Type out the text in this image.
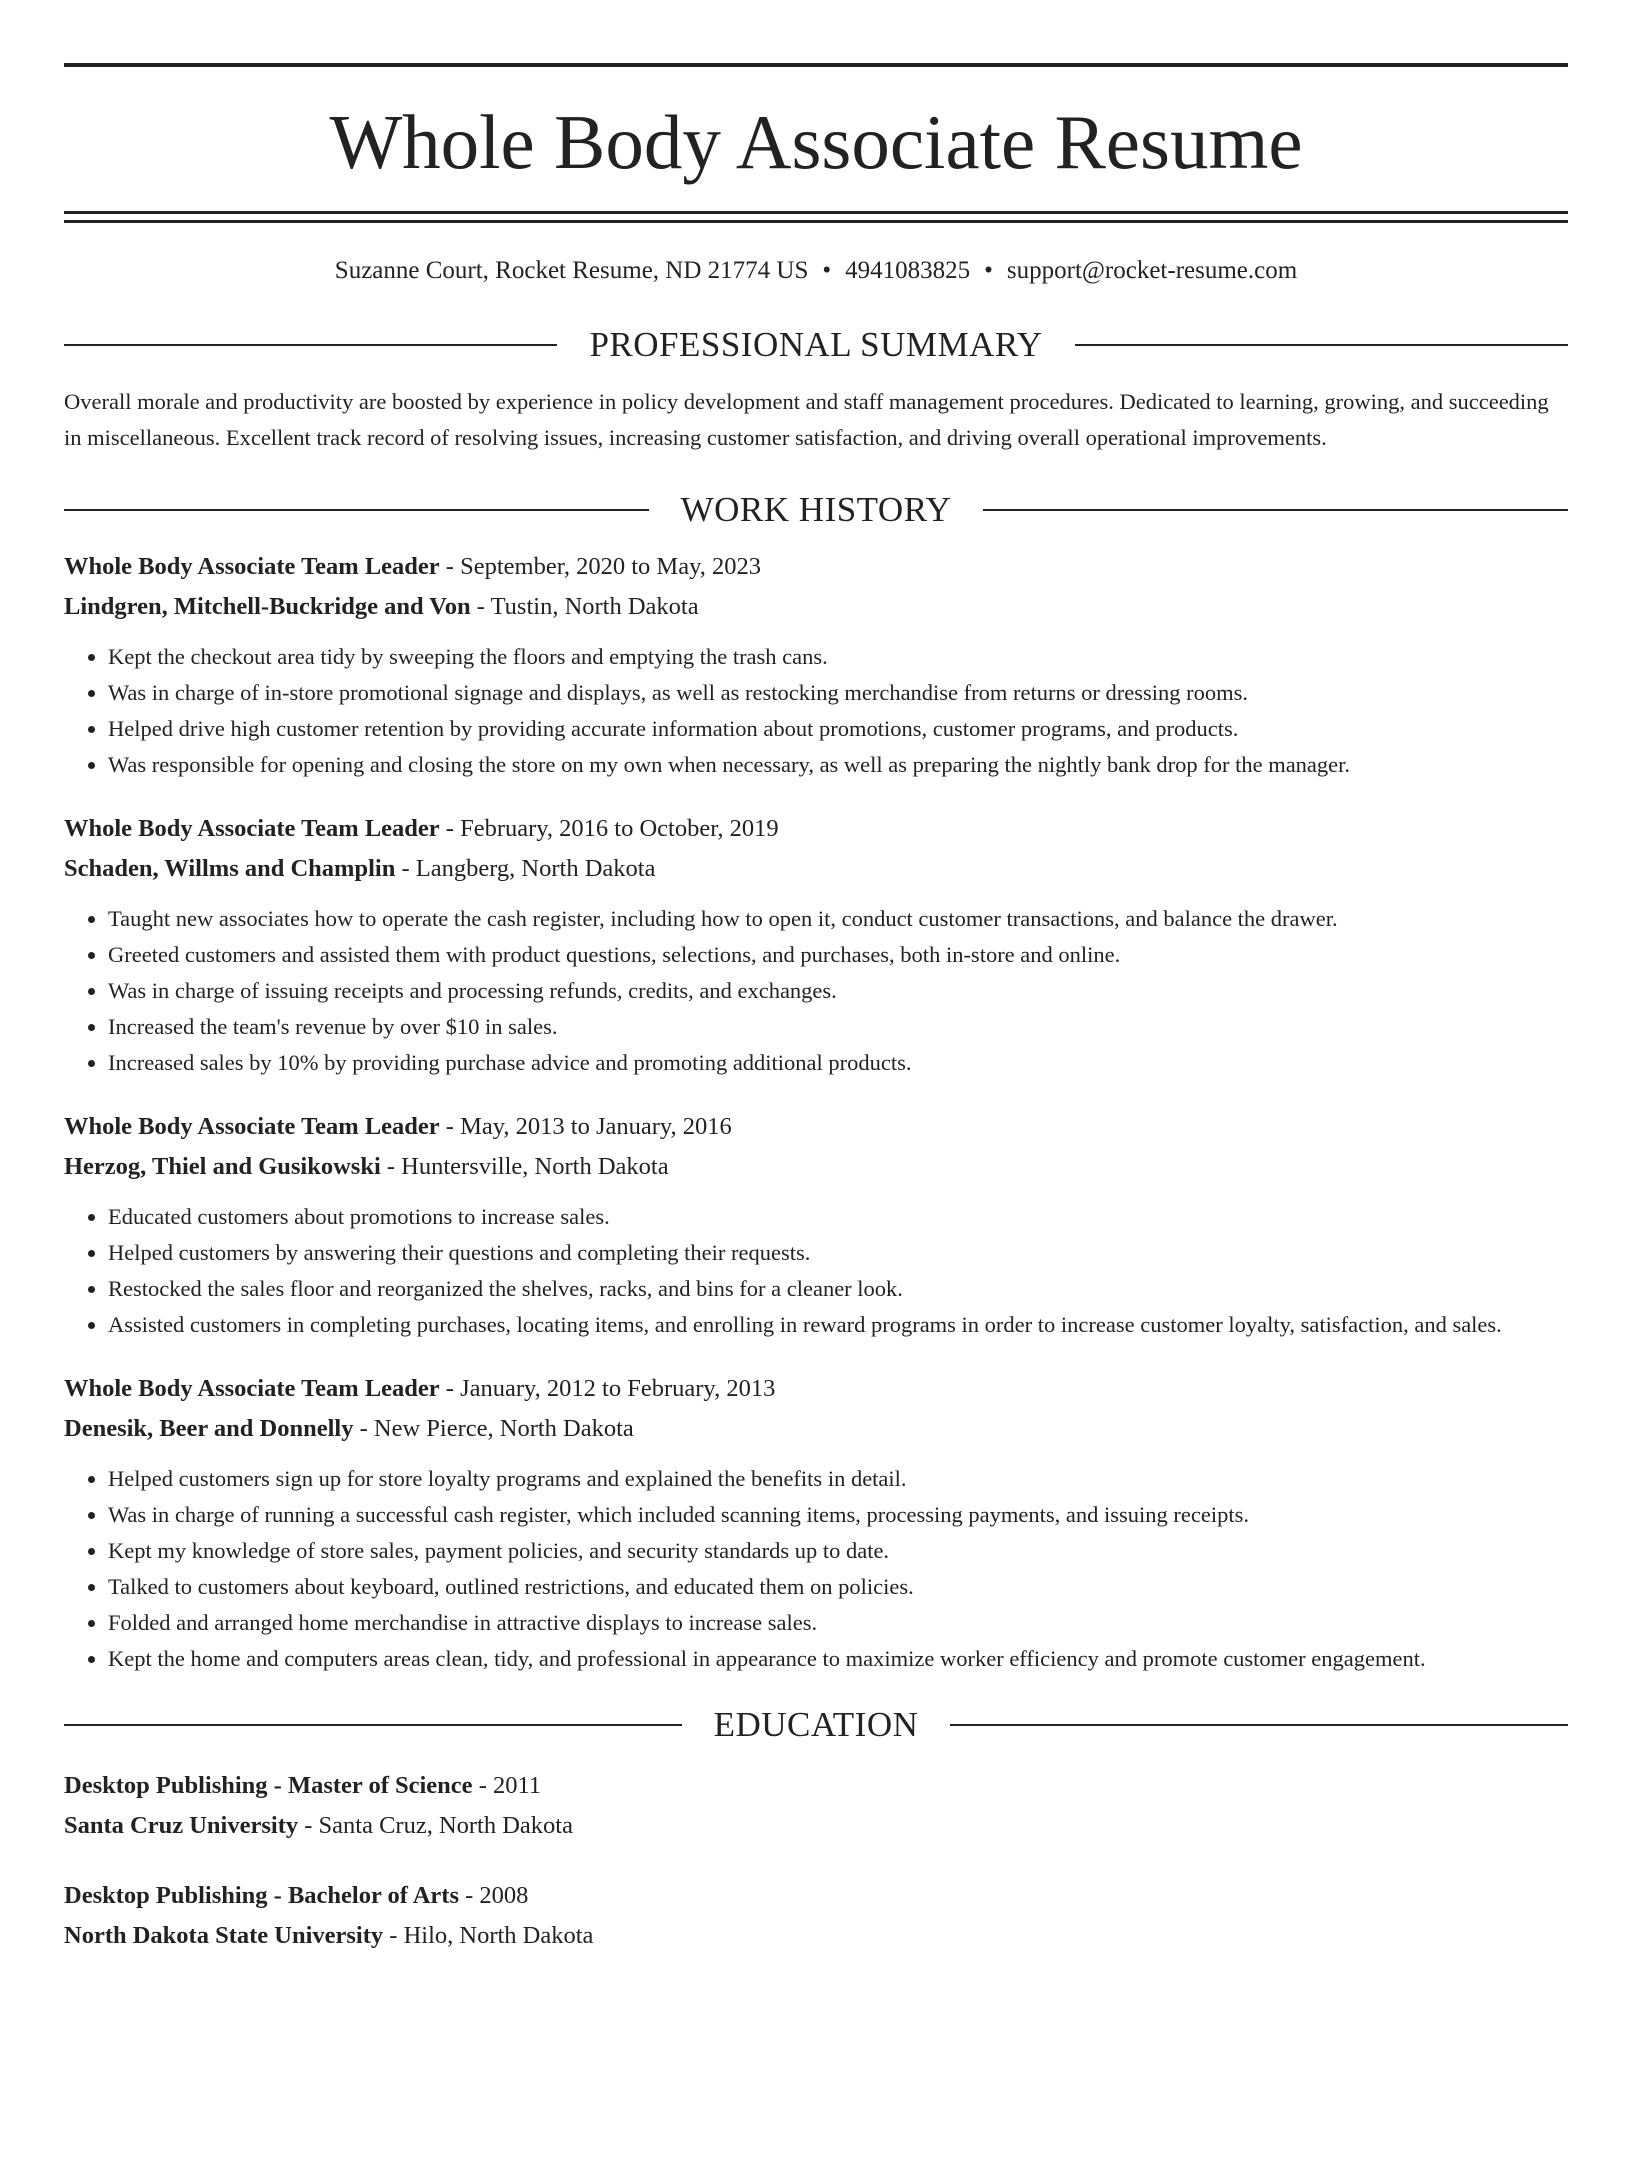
Whole Body Associate Resume
Suzanne Court, Rocket Resume, ND 21774 US • 4941083825 • support@rocket-resume.com
PROFESSIONAL SUMMARY

Overall morale and productivity are boosted by experience in policy development and staff management procedures. Dedicated to learning, growing, and succeeding in miscellaneous. Excellent track record of resolving issues, increasing customer satisfaction, and driving overall operational improvements.

WORK HISTORY
Whole Body Associate Team Leader - September, 2020 to May, 2023
Lindgren, Mitchell-Buckridge and Von - Tustin, North Dakota
• Kept the checkout area tidy by sweeping the floors and emptying the trash cans.
• Was in charge of in-store promotional signage and displays, as well as restocking merchandise from returns or dressing rooms.
• Helped drive high customer retention by providing accurate information about promotions, customer programs, and products.
• Was responsible for opening and closing the store on my own when necessary, as well as preparing the nightly bank drop for the manager.
Whole Body Associate Team Leader - February, 2016 to October, 2019
Schaden, Willms and Champlin - Langberg, North Dakota
• Taught new associates how to operate the cash register, including how to open it, conduct customer transactions, and balance the drawer.
• Greeted customers and assisted them with product questions, selections, and purchases, both in-store and online.
• Was in charge of issuing receipts and processing refunds, credits, and exchanges.
• Increased the team's revenue by over $10 in sales.
• Increased sales by 10% by providing purchase advice and promoting additional products.
Whole Body Associate Team Leader - May, 2013 to January, 2016
Herzog, Thiel and Gusikowski - Huntersville, North Dakota
• Educated customers about promotions to increase sales.
• Helped customers by answering their questions and completing their requests.
• Restocked the sales floor and reorganized the shelves, racks, and bins for a cleaner look.
• Assisted customers in completing purchases, locating items, and enrolling in reward programs in order to increase customer loyalty, satisfaction, and sales.
Whole Body Associate Team Leader - January, 2012 to February, 2013
Denesik, Beer and Donnelly - New Pierce, North Dakota
• Helped customers sign up for store loyalty programs and explained the benefits in detail.
• Was in charge of running a successful cash register, which included scanning items, processing payments, and issuing receipts.
• Kept my knowledge of store sales, payment policies, and security standards up to date.
• Talked to customers about keyboard, outlined restrictions, and educated them on policies.
• Folded and arranged home merchandise in attractive displays to increase sales.
• Kept the home and computers areas clean, tidy, and professional in appearance to maximize worker efficiency and promote customer engagement.
EDUCATION
Desktop Publishing - Master of Science - 2011
Santa Cruz University - Santa Cruz, North Dakota
Desktop Publishing - Bachelor of Arts - 2008
North Dakota State University - Hilo, North Dakota
